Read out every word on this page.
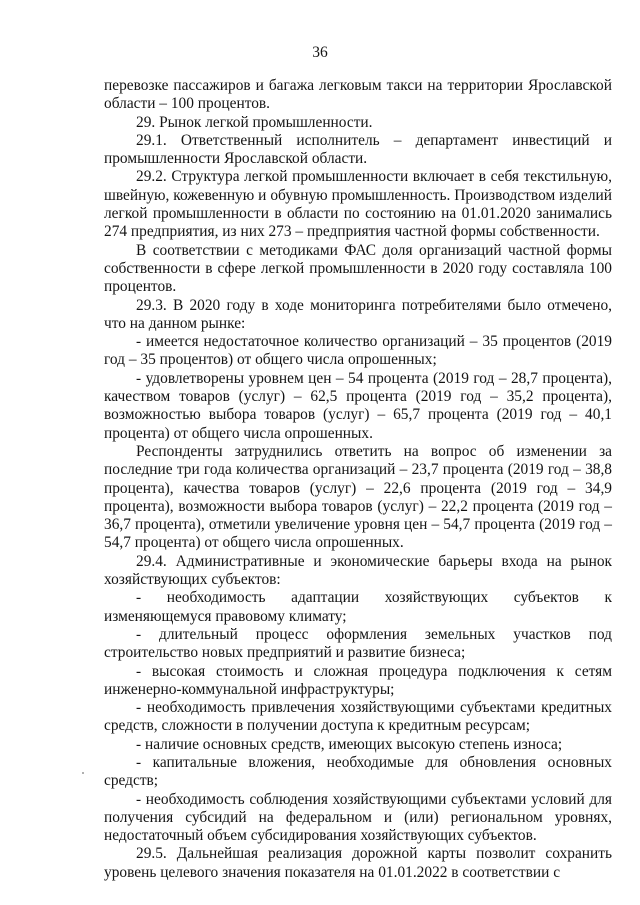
36

перевозке пассажиров и багажа легковым такси на территории Ярославской области – 100 процентов.

29. Рынок легкой промышленности.

29.1. Ответственный исполнитель – департамент инвестиций и промышленности Ярославской области.

29.2. Структура легкой промышленности включает в себя текстильную, швейную, кожевенную и обувную промышленность. Производством изделий легкой промышленности в области по состоянию на 01.01.2020 занимались 274 предприятия, из них 273 – предприятия частной формы собственности.

В соответствии с методиками ФАС доля организаций частной формы собственности в сфере легкой промышленности в 2020 году составляла 100 процентов.

29.3. В 2020 году в ходе мониторинга потребителями было отмечено, что на данном рынке:

- имеется недостаточное количество организаций – 35 процентов (2019 год – 35 процентов) от общего числа опрошенных;

- удовлетворены уровнем цен – 54 процента (2019 год – 28,7 процента), качеством товаров (услуг) – 62,5 процента (2019 год – 35,2 процента), возможностью выбора товаров (услуг) – 65,7 процента (2019 год – 40,1 процента) от общего числа опрошенных.

Респонденты затруднились ответить на вопрос об изменении за последние три года количества организаций – 23,7 процента (2019 год – 38,8 процента), качества товаров (услуг) – 22,6 процента (2019 год – 34,9 процента), возможности выбора товаров (услуг) – 22,2 процента (2019 год – 36,7 процента), отметили увеличение уровня цен – 54,7 процента (2019 год – 54,7 процента) от общего числа опрошенных.

29.4. Административные и экономические барьеры входа на рынок хозяйствующих субъектов:

- необходимость адаптации хозяйствующих субъектов к изменяющемуся правовому климату;

- длительный процесс оформления земельных участков под строительство новых предприятий и развитие бизнеса;

- высокая стоимость и сложная процедура подключения к сетям инженерно-коммунальной инфраструктуры;

- необходимость привлечения хозяйствующими субъектами кредитных средств, сложности в получении доступа к кредитным ресурсам;

- наличие основных средств, имеющих высокую степень износа;

- капитальные вложения, необходимые для обновления основных средств;

- необходимость соблюдения хозяйствующими субъектами условий для получения субсидий на федеральном и (или) региональном уровнях, недостаточный объем субсидирования хозяйствующих субъектов.

29.5. Дальнейшая реализация дорожной карты позволит сохранить уровень целевого значения показателя на 01.01.2022 в соответствии с
